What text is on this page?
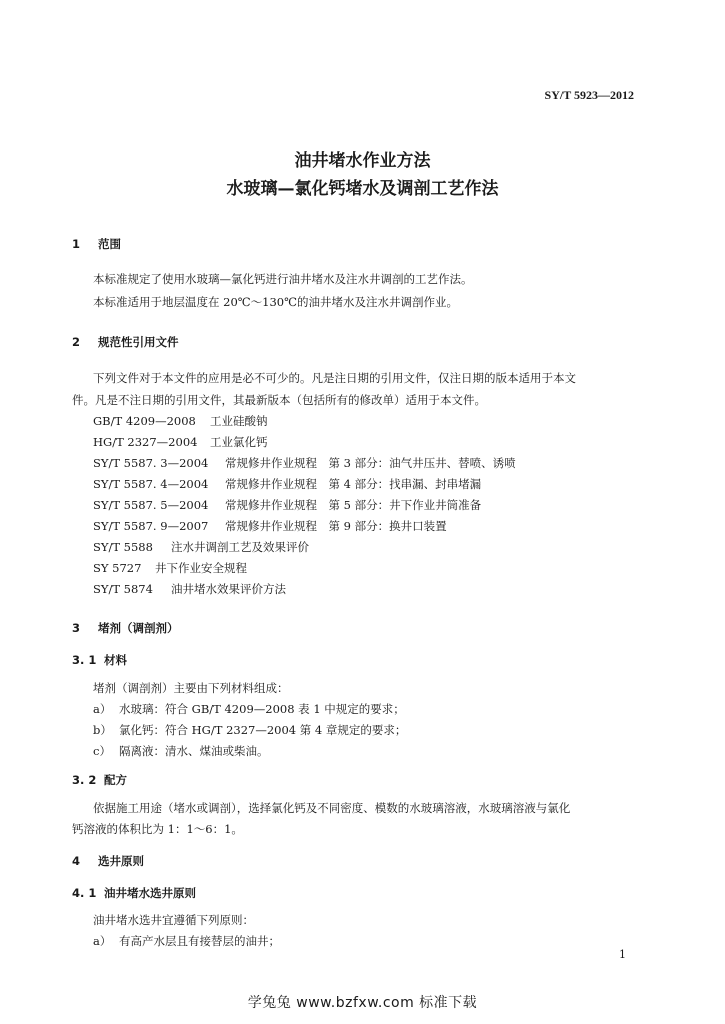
SY/T 5923—2012
油井堵水作业方法
水玻璃—氯化钙堵水及调剖工艺作法
1 范围
本标准规定了使用水玻璃—氯化钙进行油井堵水及注水井调剖的工艺作法。
本标准适用于地层温度在 20℃～130℃的油井堵水及注水井调剖作业。
2 规范性引用文件
下列文件对于本文件的应用是必不可少的。凡是注日期的引用文件，仅注日期的版本适用于本文
件。凡是不注日期的引用文件，其最新版本（包括所有的修改单）适用于本文件。
GB/T 4209—2008 工业硅酸钠
HG/T 2327—2004 工业氯化钙
SY/T 5587. 3—2004 常规修井作业规程　第 3 部分：油气井压井、替喷、诱喷
SY/T 5587. 4—2004 常规修井作业规程　第 4 部分：找串漏、封串堵漏
SY/T 5587. 5—2004 常规修井作业规程　第 5 部分：井下作业井筒准备
SY/T 5587. 9—2007 常规修井作业规程　第 9 部分：换井口装置
SY/T 5588 注水井调剖工艺及效果评价
SY 5727 井下作业安全规程
SY/T 5874 油井堵水效果评价方法
3 堵剂（调剖剂）
3. 1 材料
堵剂（调剖剂）主要由下列材料组成：
a） 水玻璃：符合 GB/T 4209—2008 表 1 中规定的要求；
b） 氯化钙：符合 HG/T 2327—2004 第 4 章规定的要求；
c） 隔离液：清水、煤油或柴油。
3. 2 配方
依据施工用途（堵水或调剖），选择氯化钙及不同密度、模数的水玻璃溶液，水玻璃溶液与氯化
钙溶液的体积比为 1：1～6：1。
4 选井原则
4. 1 油井堵水选井原则
油井堵水选井宜遵循下列原则：
a） 有高产水层且有接替层的油井；
1
学兔兔 www.bzfxw.com 标准下载
